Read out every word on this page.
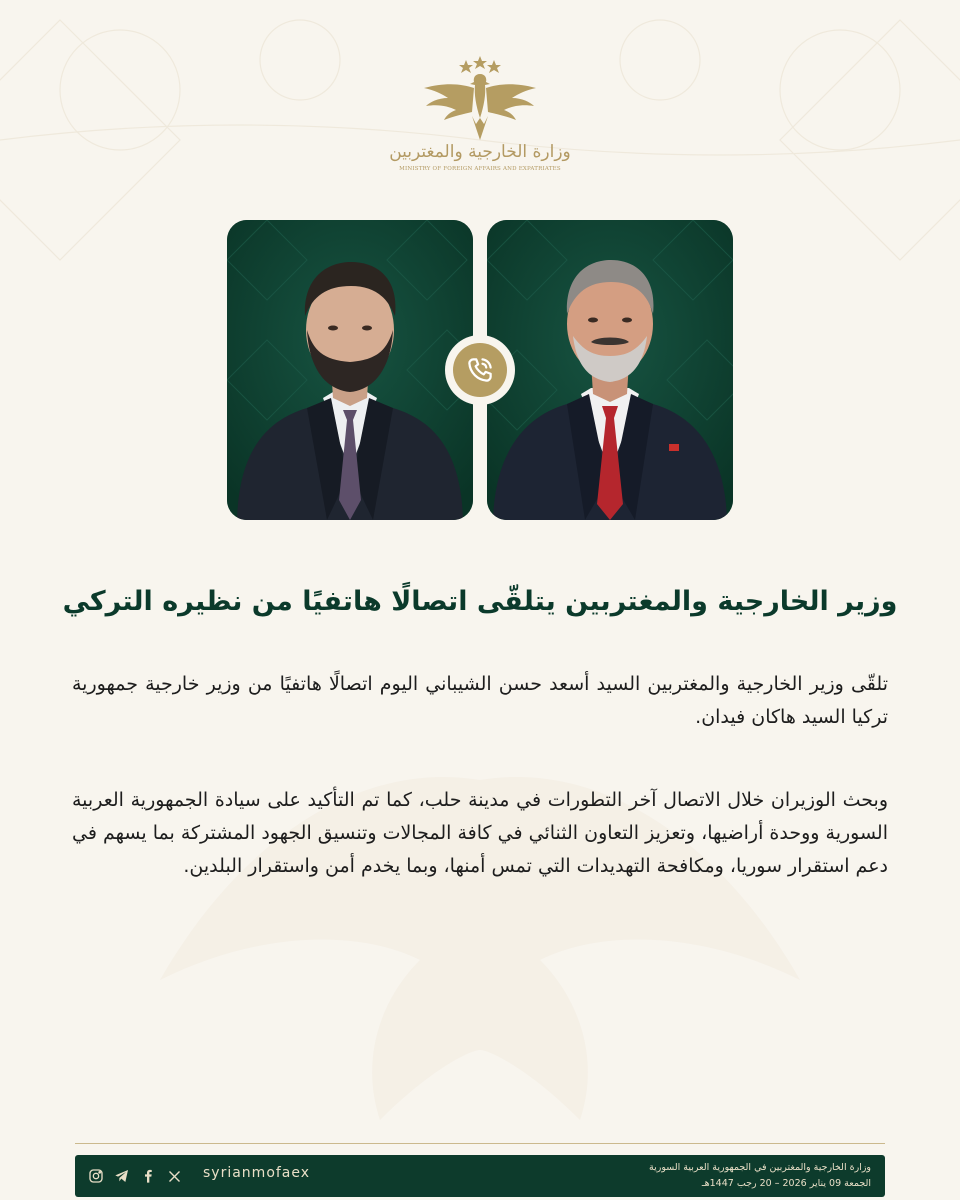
وزارة الخارجية والمغتربين
MINISTRY OF FOREIGN AFFAIRS AND EXPATRIATES
وزير الخارجية والمغتربين يتلقّى اتصالًا هاتفيًا من نظيره التركي
تلقّى وزير الخارجية والمغتربين السيد أسعد حسن الشيباني اليوم اتصالًا هاتفيًا من وزير خارجية جمهورية تركيا السيد هاكان فيدان.
وبحث الوزيران خلال الاتصال آخر التطورات في مدينة حلب، كما تم التأكيد على سيادة الجمهورية العربية السورية ووحدة أراضيها، وتعزيز التعاون الثنائي في كافة المجالات وتنسيق الجهود المشتركة بما يسهم في دعم استقرار سوريا، ومكافحة التهديدات التي تمس أمنها، وبما يخدم أمن واستقرار البلدين.
syrianmofaex	وزارة الخارجية والمغتربين في الجمهورية العربية السورية
الجمعة 09 يناير 2026 – 20 رجب 1447هـ
